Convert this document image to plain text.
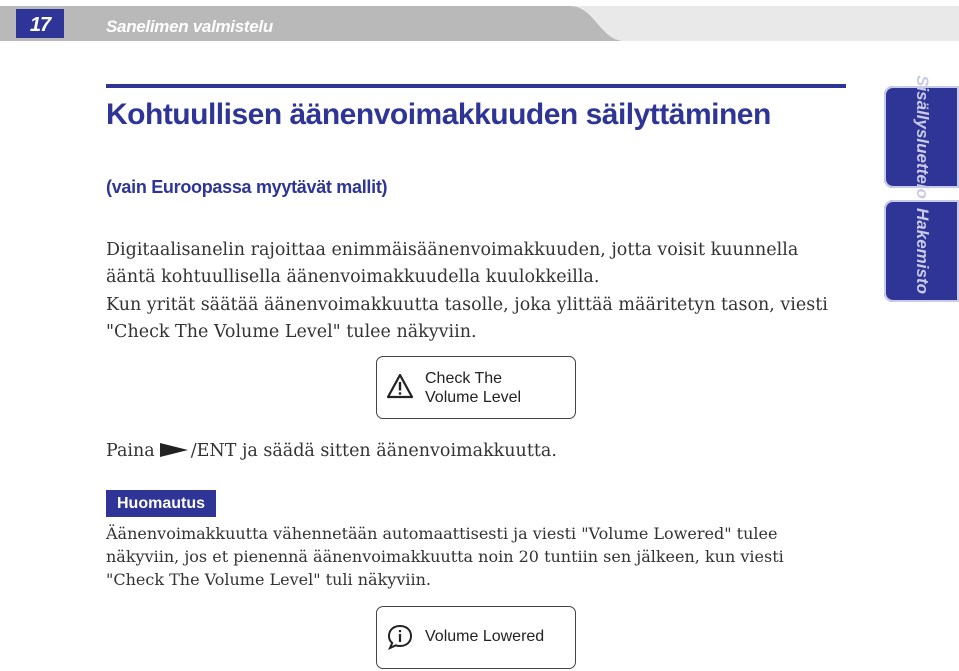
17	Sanelimen valmistelu
Kohtuullisen äänenvoimakkuuden säilyttäminen

(vain Euroopassa myytävät mallit)

Digitaalisanelin rajoittaa enimmäisäänenvoimakkuuden, jotta voisit kuunnella ääntä kohtuullisella äänenvoimakkuudella kuulokkeilla.

Kun yrität säätää äänenvoimakkuutta tasolle, joka ylittää määritetyn tason, viesti "Check The Volume Level" tulee näkyviin.

Check The
Volume Level

Paina /ENT ja säädä sitten äänenvoimakkuutta.

Huomautus

Äänenvoimakkuutta vähennetään automaattisesti ja viesti "Volume Lowered" tulee näkyviin, jos et pienennä äänenvoimakkuutta noin 20 tuntiin sen jälkeen, kun viesti "Check The Volume Level" tuli näkyviin.

Volume Lowered
Sisällysluettelo
Hakemisto
